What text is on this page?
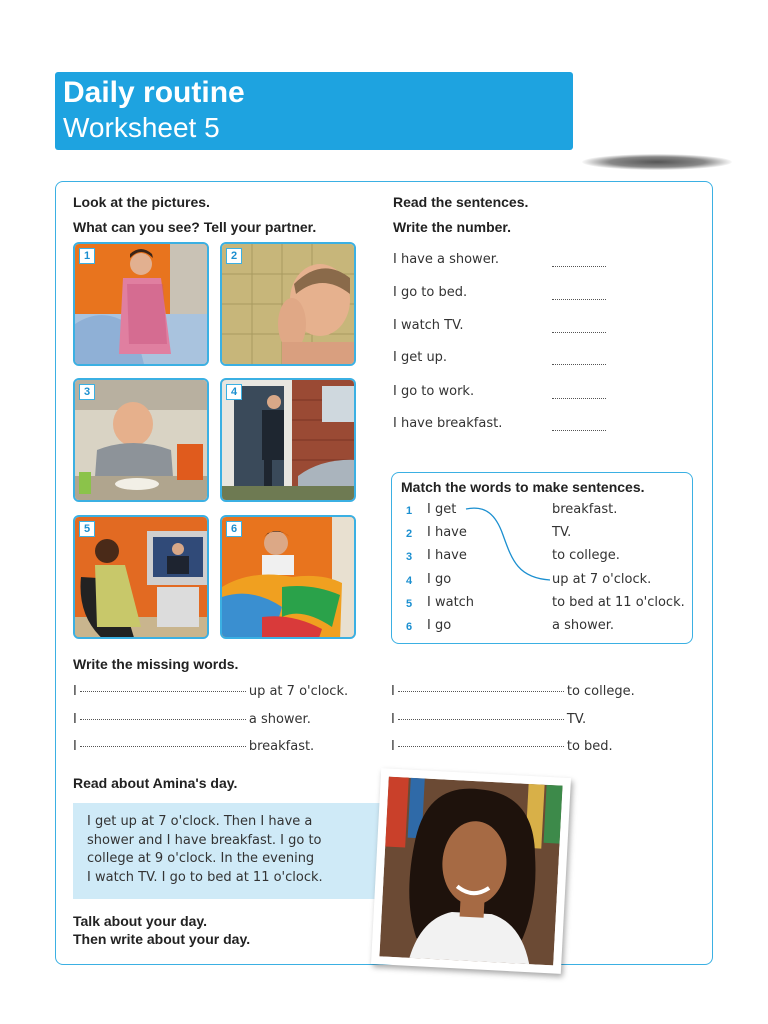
Daily routine
Worksheet 5
Look at the pictures.
What can you see? Tell your partner.
1	2
3	4
5	6
Read the sentences.
Write the number.
I have a shower.
I go to bed.
I watch TV.
I get up.
I go to work.
I have breakfast.
Match the words to make sentences.
1 I get	breakfast.
2 I have	TV.
3 I have	to college.
4 I go	up at 7 o'clock.
5 I watch	to bed at 11 o'clock.
6 I go	a shower.
Write the missing words.
I	up at 7 o'clock.
I	a shower.
I	breakfast.
I	to college.
I	TV.
I	to bed.
Read about Amina's day.
I get up at 7 o'clock. Then I have a
shower and I have breakfast. I go to
college at 9 o'clock. In the evening
I watch TV. I go to bed at 11 o'clock.
Talk about your day.
Then write about your day.
